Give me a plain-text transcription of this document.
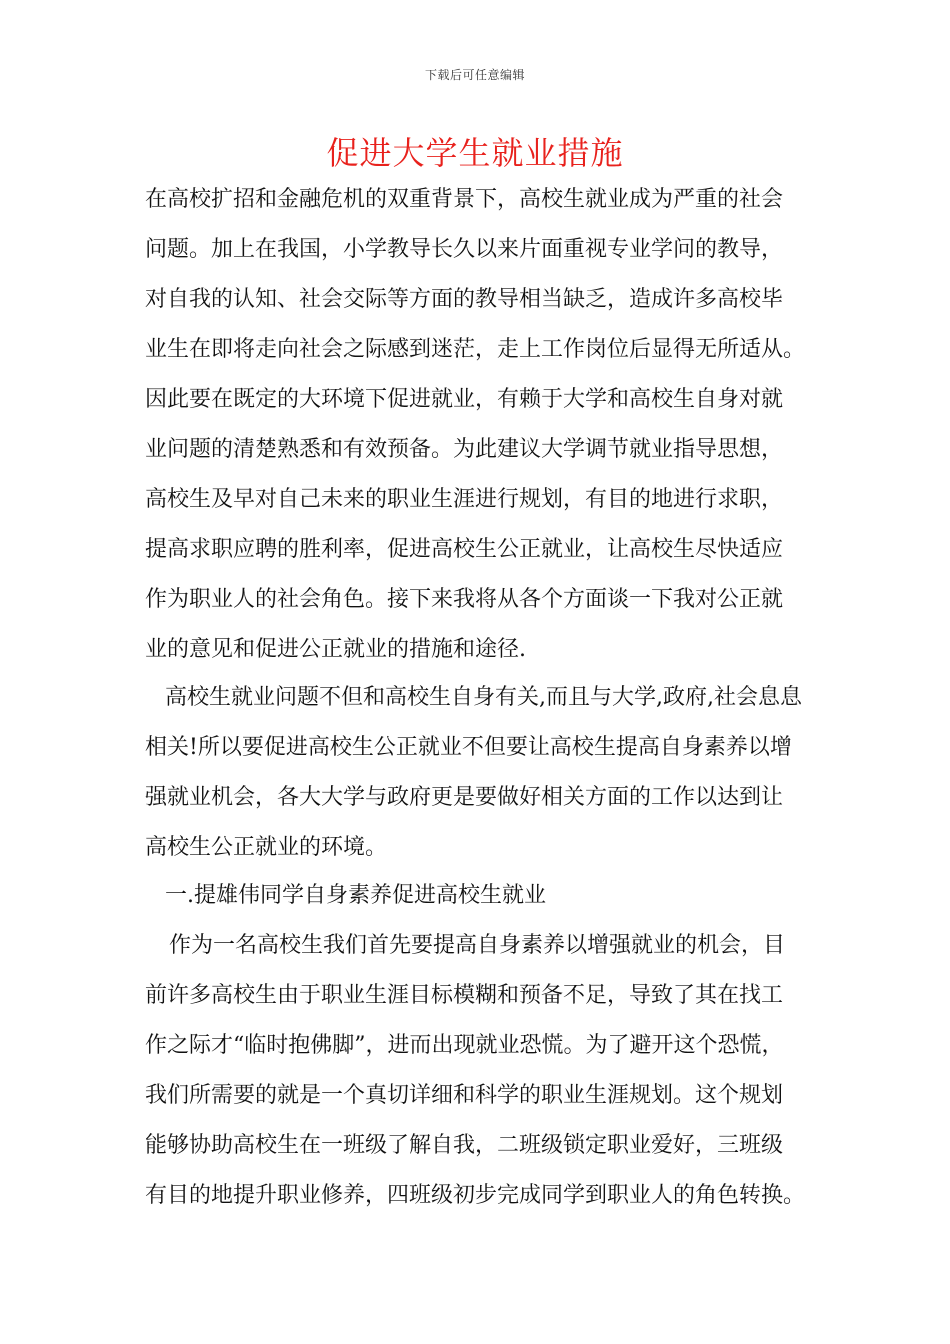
下载后可任意编辑
促进大学生就业措施
在高校扩招和金融危机的双重背景下，高校生就业成为严重的社会
问题。加上在我国，小学教导长久以来片面重视专业学问的教导，
对自我的认知、社会交际等方面的教导相当缺乏，造成许多高校毕
业生在即将走向社会之际感到迷茫，走上工作岗位后显得无所适从。
因此要在既定的大环境下促进就业，有赖于大学和高校生自身对就
业问题的清楚熟悉和有效预备。为此建议大学调节就业指导思想，
高校生及早对自己未来的职业生涯进行规划，有目的地进行求职，
提高求职应聘的胜利率，促进高校生公正就业，让高校生尽快适应
作为职业人的社会角色。接下来我将从各个方面谈一下我对公正就
业的意见和促进公正就业的措施和途径.
高校生就业问题不但和高校生自身有关,而且与大学,政府,社会息息
相关!所以要促进高校生公正就业不但要让高校生提高自身素养以增
强就业机会，各大大学与政府更是要做好相关方面的工作以达到让
高校生公正就业的环境。
一.提雄伟同学自身素养促进高校生就业
作为一名高校生我们首先要提高自身素养以增强就业的机会，目
前许多高校生由于职业生涯目标模糊和预备不足，导致了其在找工
作之际才“临时抱佛脚”，进而出现就业恐慌。为了避开这个恐慌，
我们所需要的就是一个真切详细和科学的职业生涯规划。这个规划
能够协助高校生在一班级了解自我，二班级锁定职业爱好，三班级
有目的地提升职业修养，四班级初步完成同学到职业人的角色转换。
